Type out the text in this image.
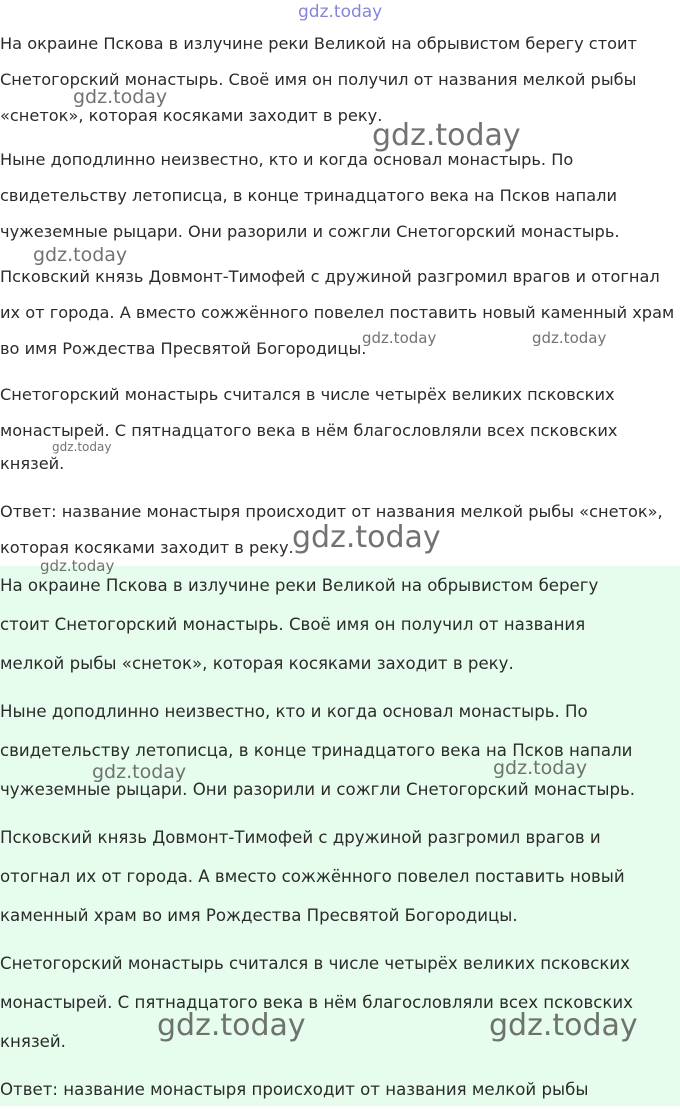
На окраине Пскова в излучине реки Великой на обрывистом берегу стоит
Снетогорский монастырь. Своё имя он получил от названия мелкой рыбы
«снеток», которая косяками заходит в реку.
Ныне доподлинно неизвестно, кто и когда основал монастырь. По
свидетельству летописца, в конце тринадцатого века на Псков напали
чужеземные рыцари. Они разорили и сожгли Снетогорский монастырь.
Псковский князь Довмонт-Тимофей с дружиной разгромил врагов и отогнал
их от города. А вместо сожжённого повелел поставить новый каменный храм
во имя Рождества Пресвятой Богородицы.
Снетогорский монастырь считался в числе четырёх великих псковских
монастырей. С пятнадцатого века в нём благословляли всех псковских
князей.
Ответ: название монастыря происходит от названия мелкой рыбы «снеток»,
которая косяками заходит в реку.
На окраине Пскова в излучине реки Великой на обрывистом берегу
стоит Снетогорский монастырь. Своё имя он получил от названия
мелкой рыбы «снеток», которая косяками заходит в реку.
Ныне доподлинно неизвестно, кто и когда основал монастырь. По
свидетельству летописца, в конце тринадцатого века на Псков напали
чужеземные рыцари. Они разорили и сожгли Снетогорский монастырь.
Псковский князь Довмонт-Тимофей с дружиной разгромил врагов и
отогнал их от города. А вместо сожжённого повелел поставить новый
каменный храм во имя Рождества Пресвятой Богородицы.
Снетогорский монастырь считался в числе четырёх великих псковских
монастырей. С пятнадцатого века в нём благословляли всех псковских
князей.
Ответ: название монастыря происходит от названия мелкой рыбы
gdz.today
gdz.today
gdz.today
gdz.today
gdz.today	gdz.today
gdz.today
gdz.today
gdz.today
gdz.today	gdz.today
gdz.today	gdz.today
